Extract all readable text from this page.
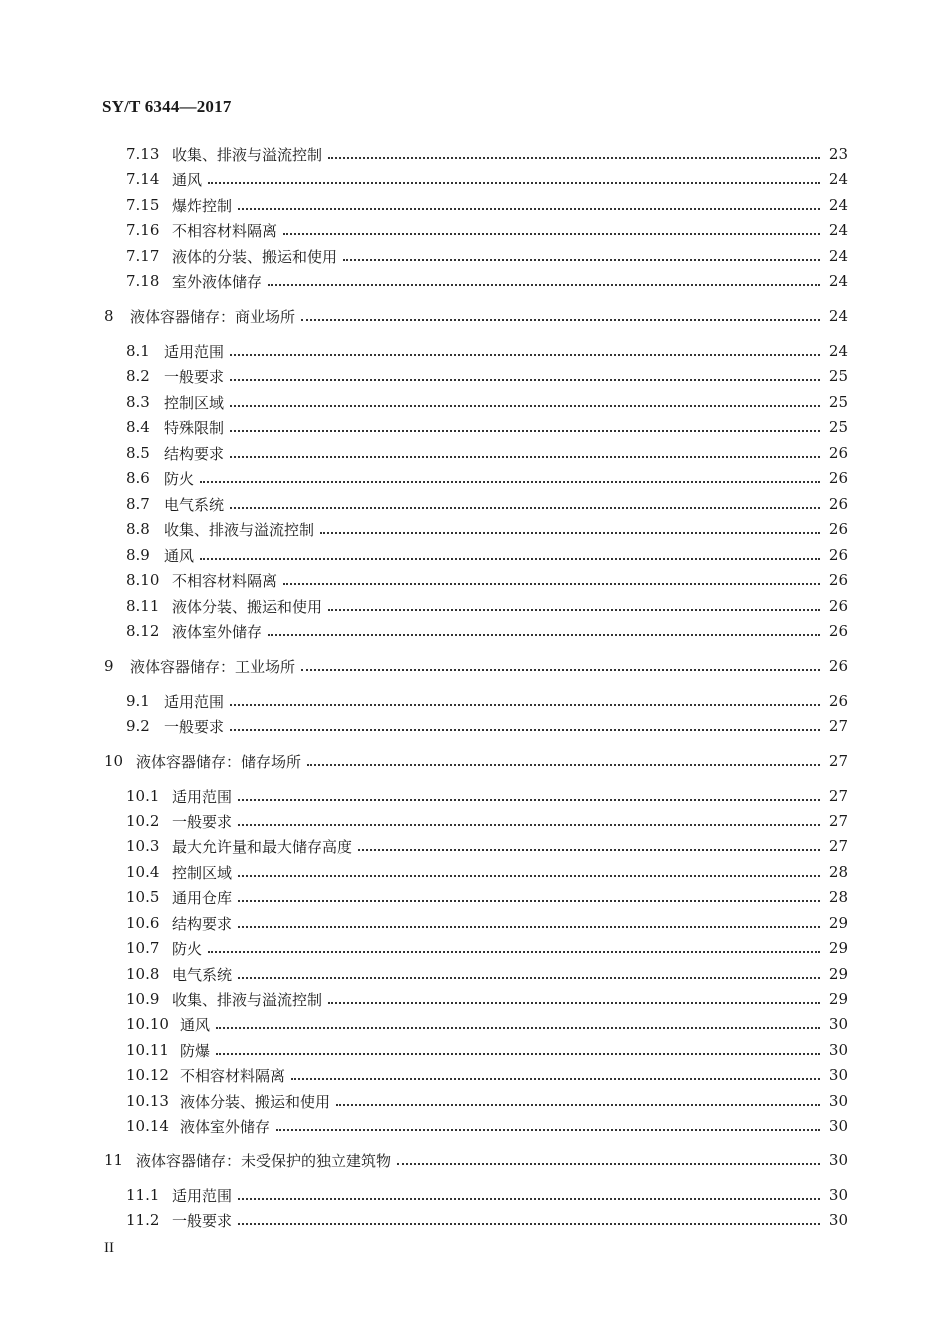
SY/T 6344—2017
7.13 收集、排液与溢流控制	23
7.14 通风	24
7.15 爆炸控制	24
7.16 不相容材料隔离	24
7.17 液体的分装、搬运和使用	24
7.18 室外液体储存	24
8	液体容器储存：商业场所	24
8.1 适用范围	24
8.2 一般要求	25
8.3 控制区域	25
8.4 特殊限制	25
8.5 结构要求	26
8.6 防火	26
8.7 电气系统	26
8.8 收集、排液与溢流控制	26
8.9 通风	26
8.10 不相容材料隔离	26
8.11 液体分装、搬运和使用	26
8.12 液体室外储存	26
9	液体容器储存：工业场所	26
9.1 适用范围	26
9.2 一般要求	27
10 液体容器储存：储存场所	27
10.1 适用范围	27
10.2 一般要求	27
10.3 最大允许量和最大储存高度	27
10.4 控制区域	28
10.5 通用仓库	28
10.6 结构要求	29
10.7 防火	29
10.8 电气系统	29
10.9 收集、排液与溢流控制	29
10.10 通风	30
10.11 防爆	30
10.12 不相容材料隔离	30
10.13 液体分装、搬运和使用	30
10.14 液体室外储存	30
11 液体容器储存：未受保护的独立建筑物	30
11.1 适用范围	30
11.2 一般要求	30
II
